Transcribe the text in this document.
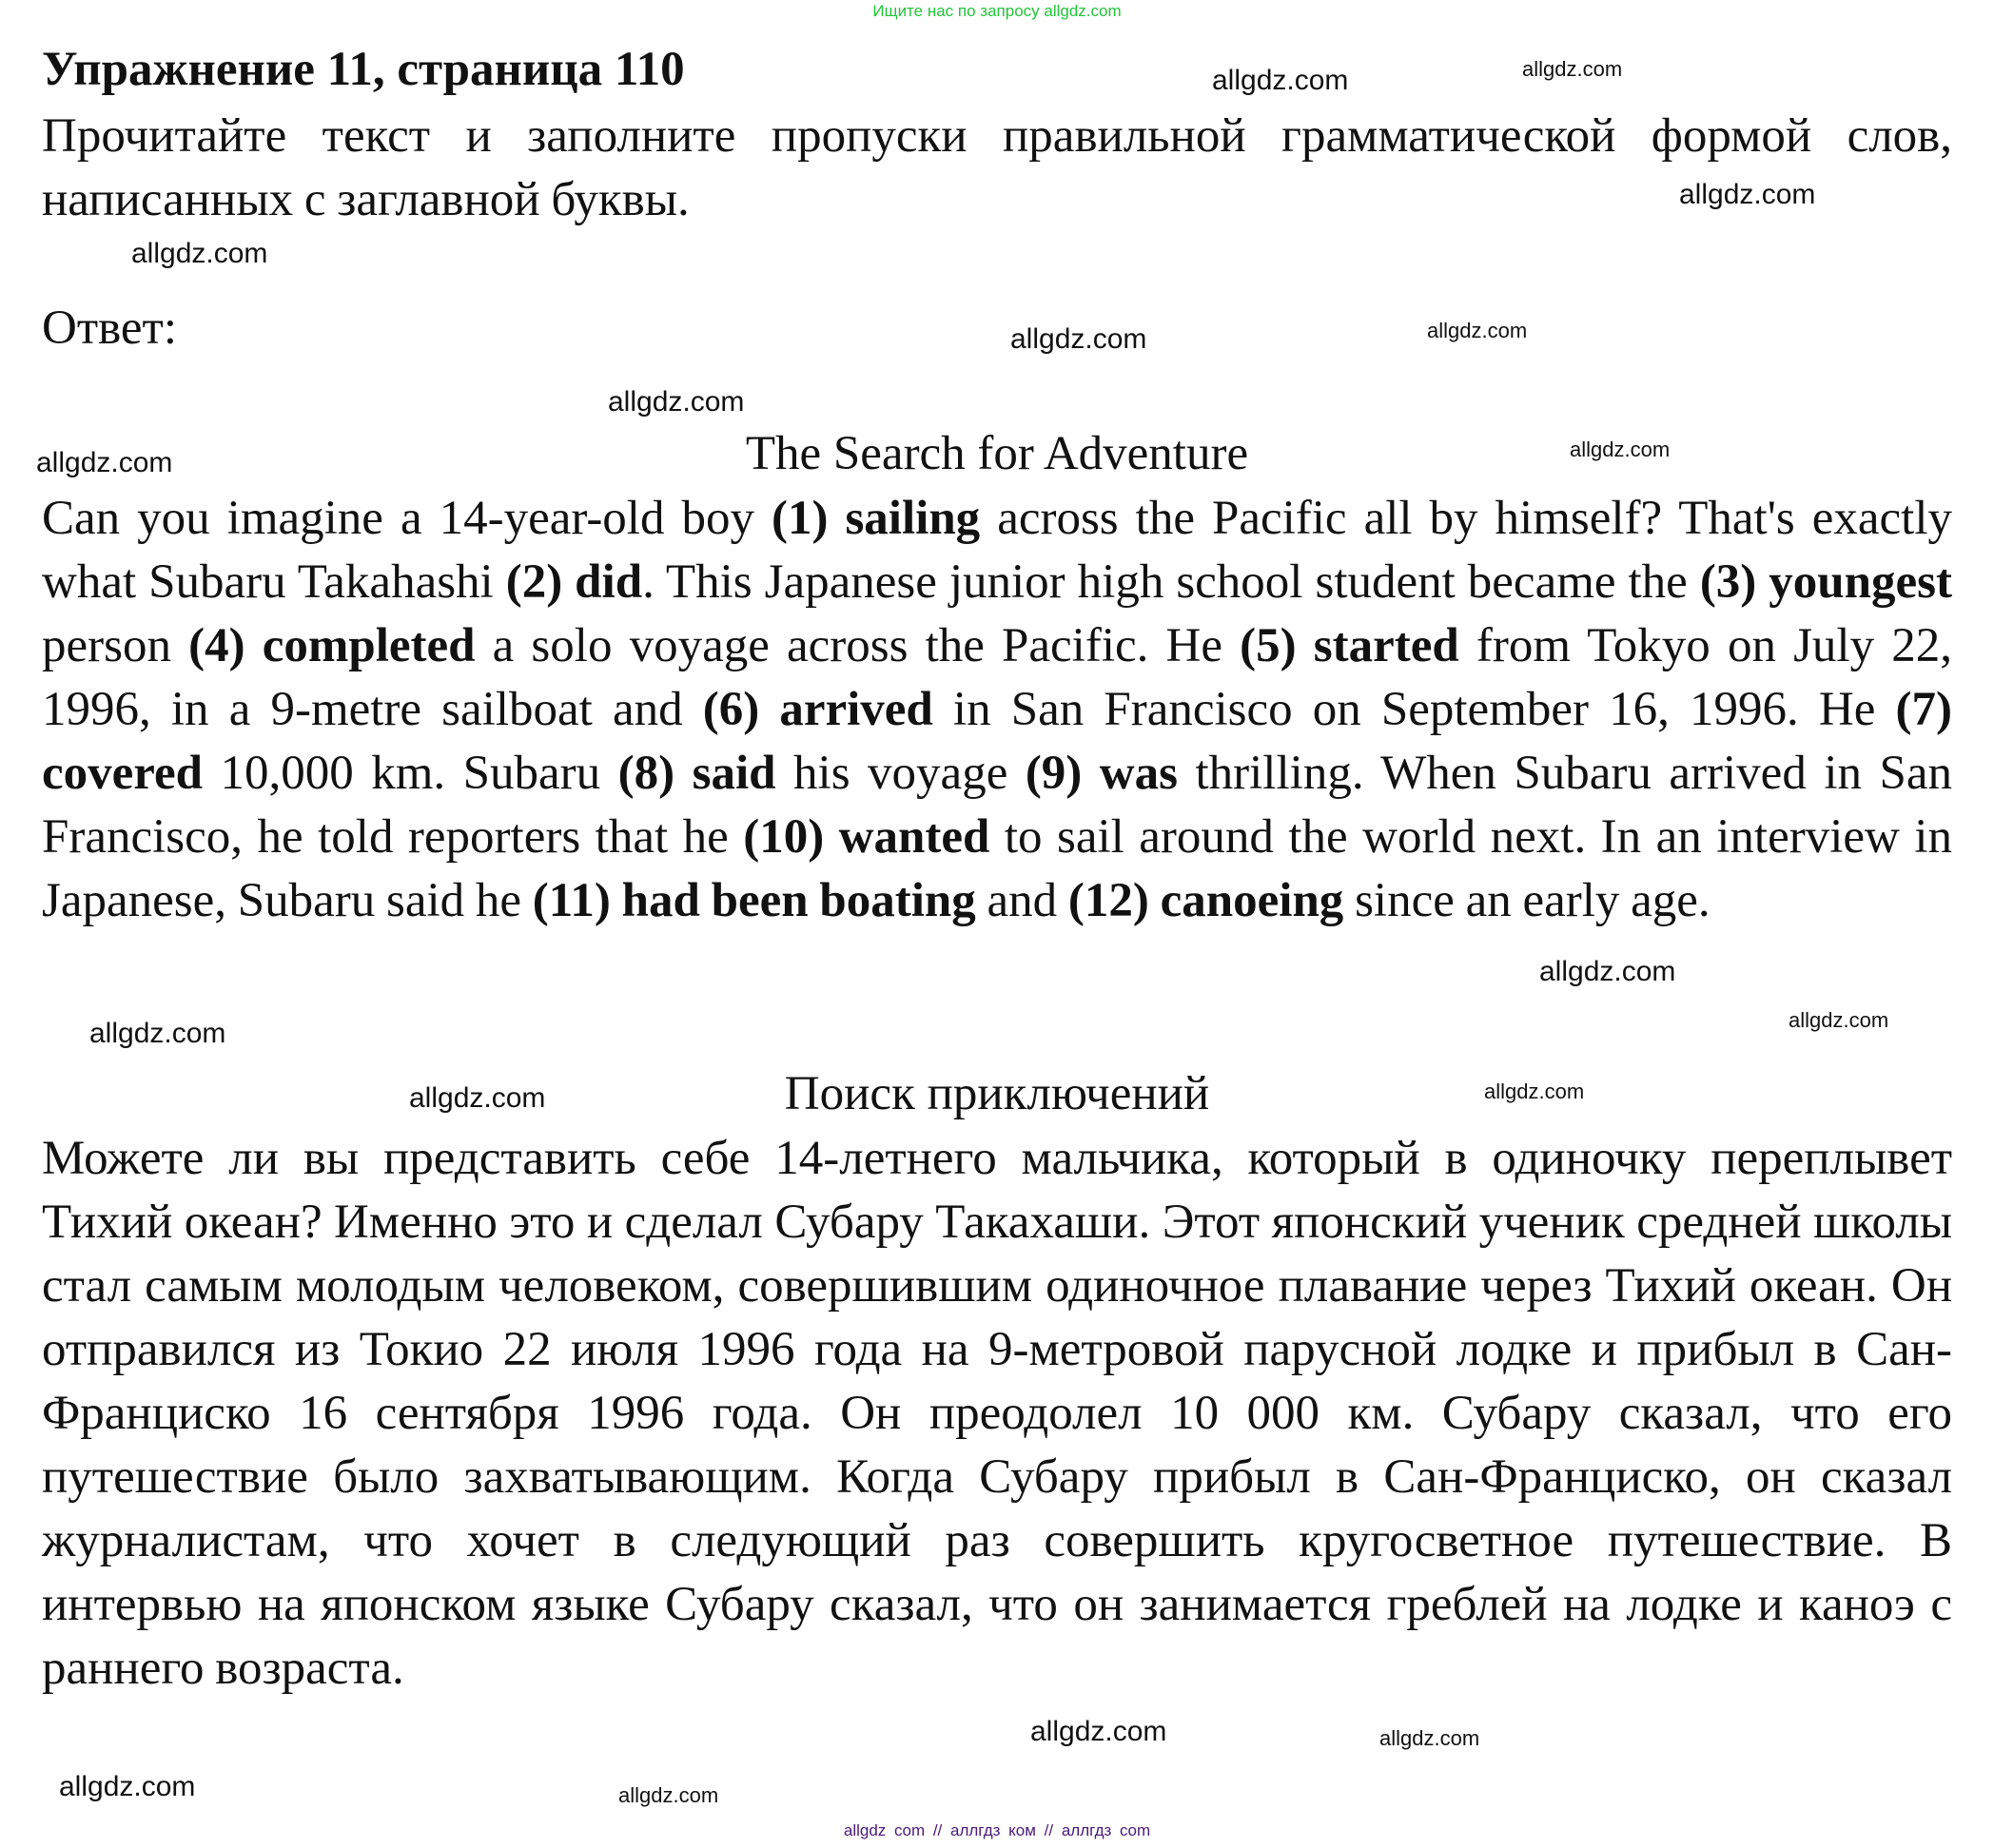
Ищите нас по запросу allgdz.com
Упражнение 11, страница 110
Прочитайте текст и заполните пропуски правильной грамматической формой слов, написанных с заглавной буквы.
Ответ:
The Search for Adventure
Can you imagine a 14-year-old boy (1) sailing across the Pacific all by himself? That's exactly what Subaru Takahashi (2) did. This Japanese junior high school student became the (3) youngest person (4) completed a solo voyage across the Pacific. He (5) started from Tokyo on July 22, 1996, in a 9-metre sailboat and (6) arrived in San Francisco on September 16, 1996. He (7) covered 10,000 km. Subaru (8) said his voyage (9) was thrilling. When Subaru arrived in San Francisco, he told reporters that he (10) wanted to sail around the world next. In an interview in Japanese, Subaru said he (11) had been boating and (12) canoeing since an early age.
Поиск приключений
Можете ли вы представить себе 14-летнего мальчика, который в одиночку переплывет Тихий океан? Именно это и сделал Субару Такахаши. Этот японский ученик средней школы стал самым молодым человеком, совершившим одиночное плавание через Тихий океан. Он отправился из Токио 22 июля 1996 года на 9-метровой парусной лодке и прибыл в Сан-Франциско 16 сентября 1996 года. Он преодолел 10 000 км. Субару сказал, что его путешествие было захватывающим. Когда Субару прибыл в Сан-Франциско, он сказал журналистам, что хочет в следующий раз совершить кругосветное путешествие. В интервью на японском языке Субару сказал, что он занимается греблей на лодке и каноэ с раннего возраста.
allgdz.com
allgdz.com
allgdz.com
allgdz.com
allgdz.com
allgdz.com
allgdz.com
allgdz.com
allgdz.com
allgdz.com
allgdz.com
allgdz.com
allgdz.com
allgdz.com
allgdz.com
allgdz.com
allgdz.com
allgdz.com
allgdz com // аллгдз ком // аллгдз com
